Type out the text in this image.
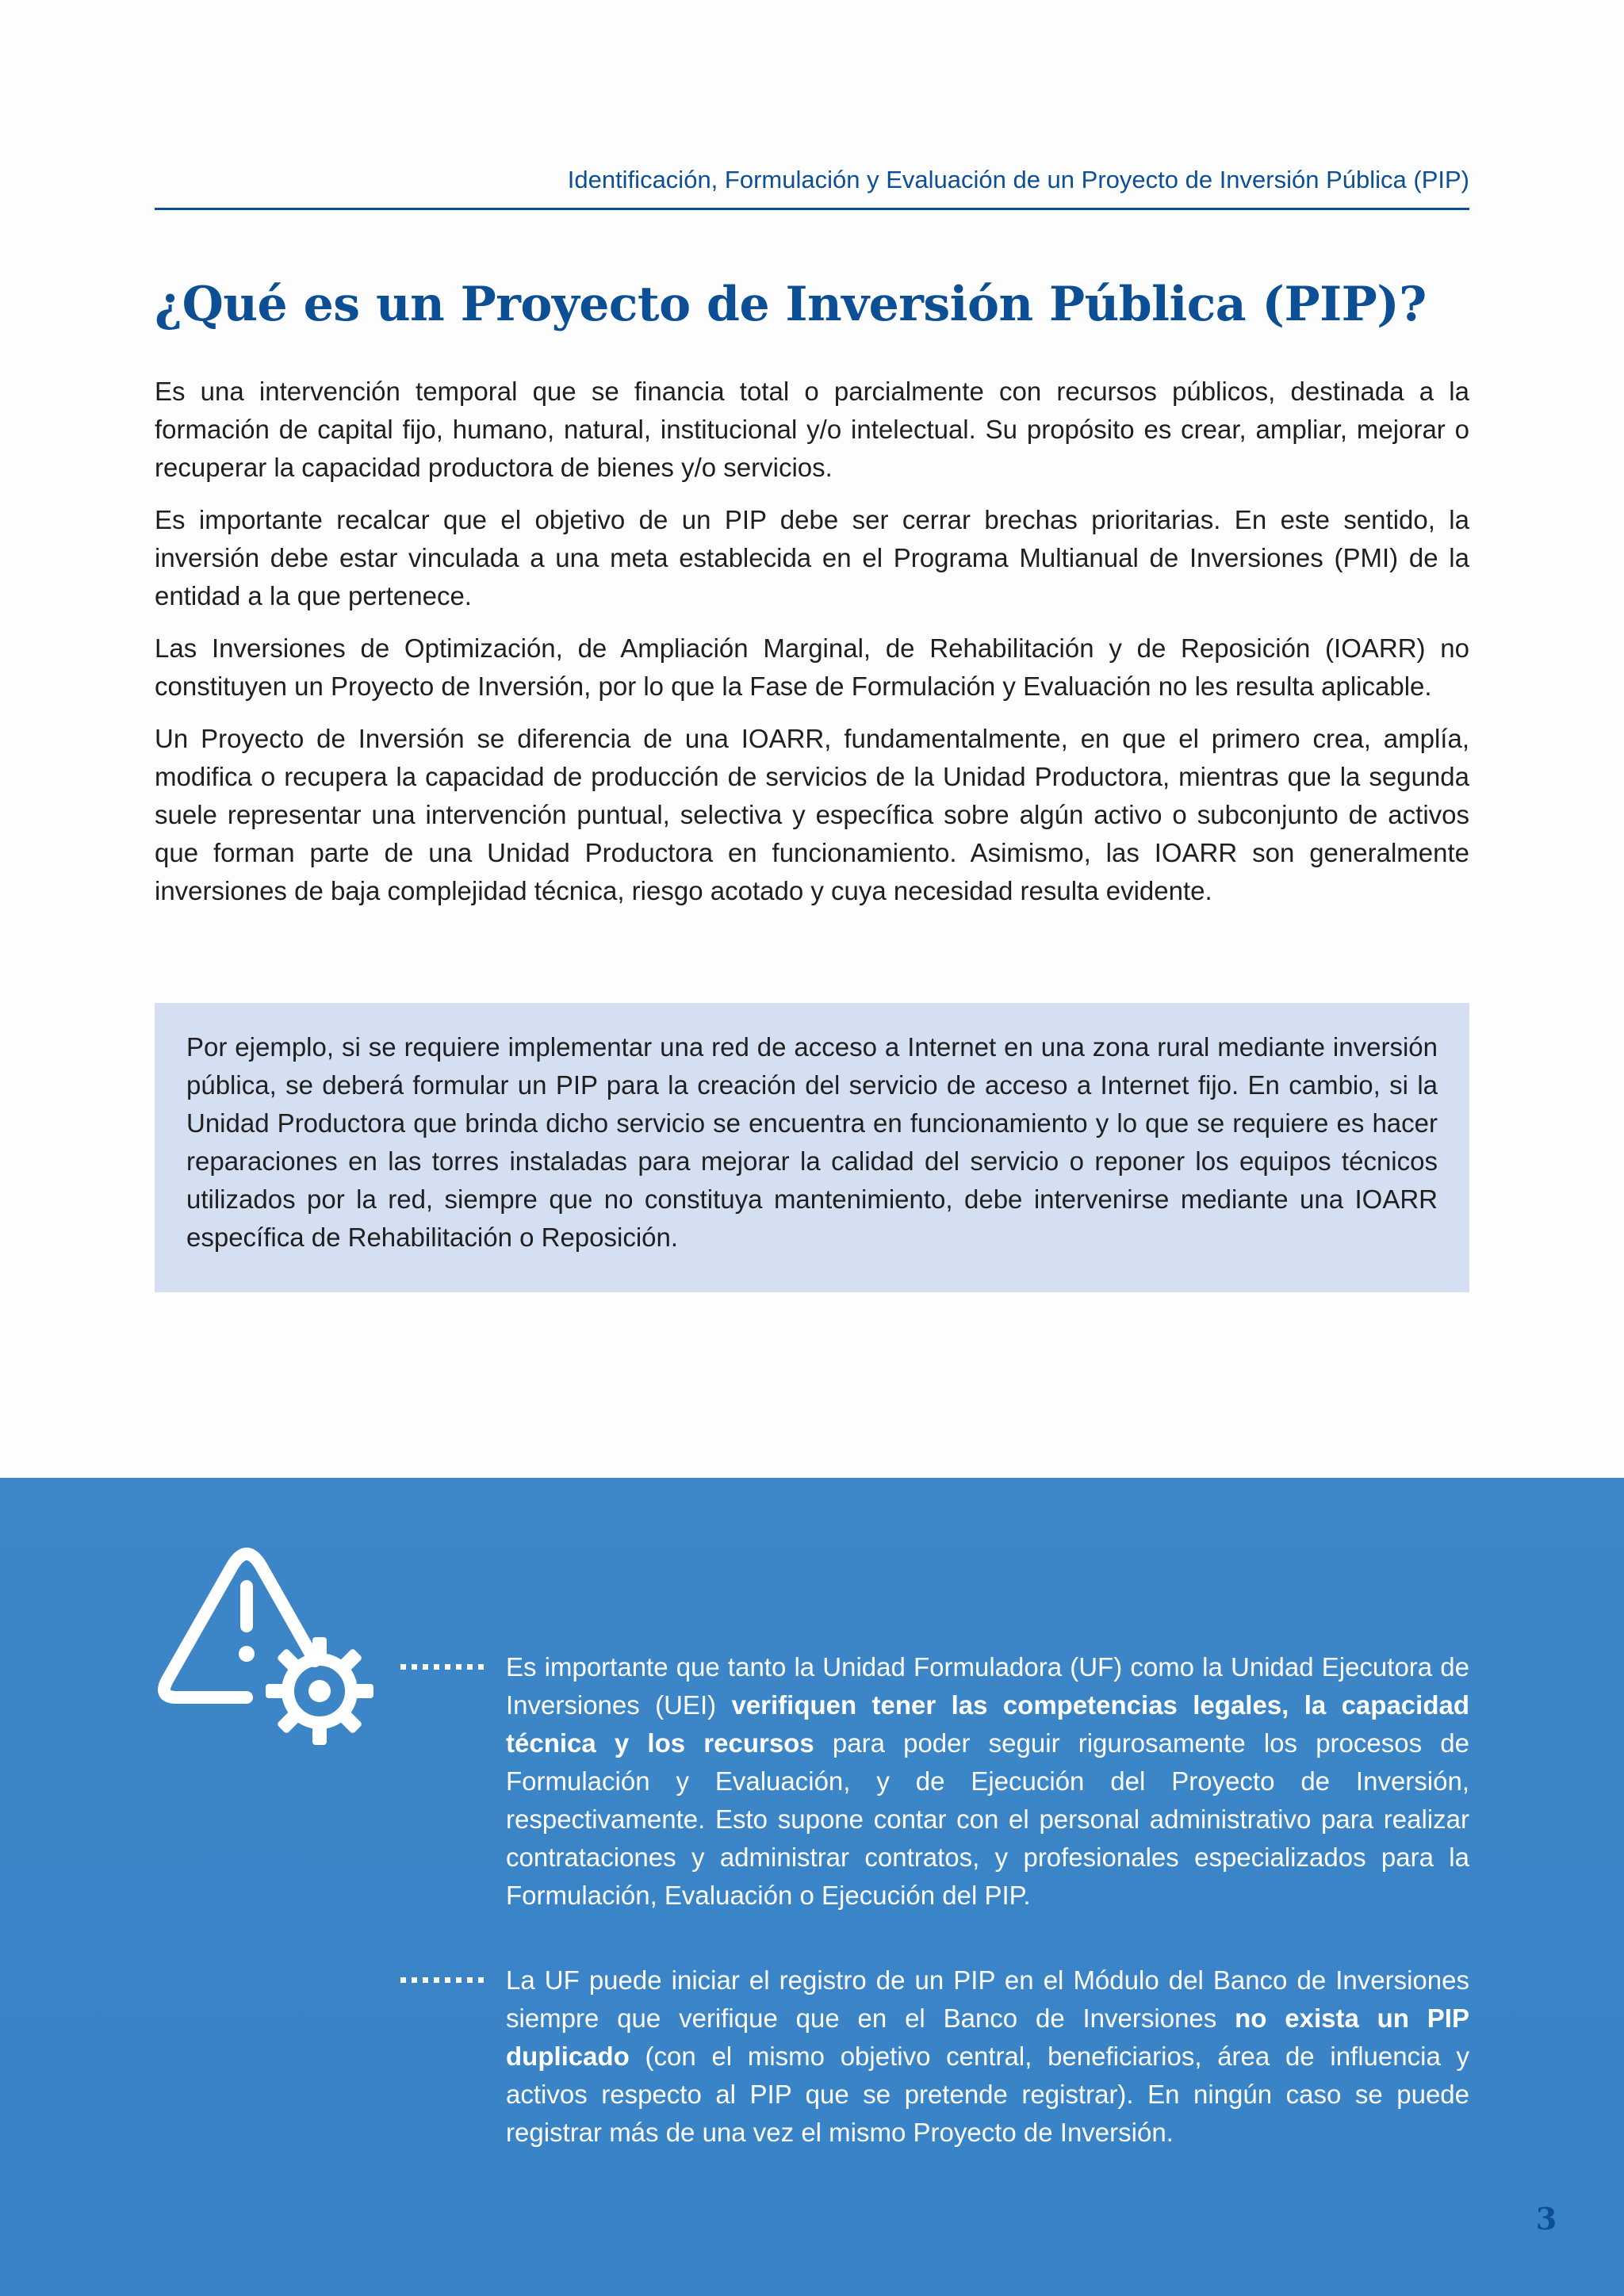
Identificación, Formulación y Evaluación de un Proyecto de Inversión Pública (PIP)
¿Qué es un Proyecto de Inversión Pública (PIP)?

Es una intervención temporal que se financia total o parcialmente con recursos públicos, destinada a la formación de capital fijo, humano, natural, institucional y/o intelectual. Su propósito es crear, ampliar, mejorar o recuperar la capacidad productora de bienes y/o servicios.

Es importante recalcar que el objetivo de un PIP debe ser cerrar brechas prioritarias. En este sentido, la inversión debe estar vinculada a una meta establecida en el Programa Multianual de Inversiones (PMI) de la entidad a la que pertenece.

Las Inversiones de Optimización, de Ampliación Marginal, de Rehabilitación y de Reposición (IOARR) no constituyen un Proyecto de Inversión, por lo que la Fase de Formulación y Evaluación no les resulta aplicable.

Un Proyecto de Inversión se diferencia de una IOARR, fundamentalmente, en que el primero crea, amplía, modifica o recupera la capacidad de producción de servicios de la Unidad Productora, mientras que la segunda suele representar una intervención puntual, selectiva y específica sobre algún activo o subconjunto de activos que forman parte de una Unidad Productora en funcionamiento. Asimismo, las IOARR son generalmente inversiones de baja complejidad técnica, riesgo acotado y cuya necesidad resulta evidente.

Por ejemplo, si se requiere implementar una red de acceso a Internet en una zona rural mediante inversión pública, se deberá formular un PIP para la creación del servicio de acceso a Internet fijo. En cambio, si la Unidad Productora que brinda dicho servicio se encuentra en funcionamiento y lo que se requiere es hacer reparaciones en las torres instaladas para mejorar la calidad del servicio o reponer los equipos técnicos utilizados por la red, siempre que no constituya mantenimiento, debe intervenirse mediante una IOARR específica de Rehabilitación o Reposición.

Es importante que tanto la Unidad Formuladora (UF) como la Unidad Ejecutora de Inversiones (UEI) verifiquen tener las competencias legales, la capacidad técnica y los recursos para poder seguir rigurosamente los procesos de Formulación y Evaluación, y de Ejecución del Proyecto de Inversión, respectivamente. Esto supone contar con el personal administrativo para realizar contrataciones y administrar contratos, y profesionales especializados para la Formulación, Evaluación o Ejecución del PIP.

La UF puede iniciar el registro de un PIP en el Módulo del Banco de Inversiones siempre que verifique que en el Banco de Inversiones no exista un PIP duplicado (con el mismo objetivo central, beneficiarios, área de influencia y activos respecto al PIP que se pretende registrar). En ningún caso se puede registrar más de una vez el mismo Proyecto de Inversión.

3
